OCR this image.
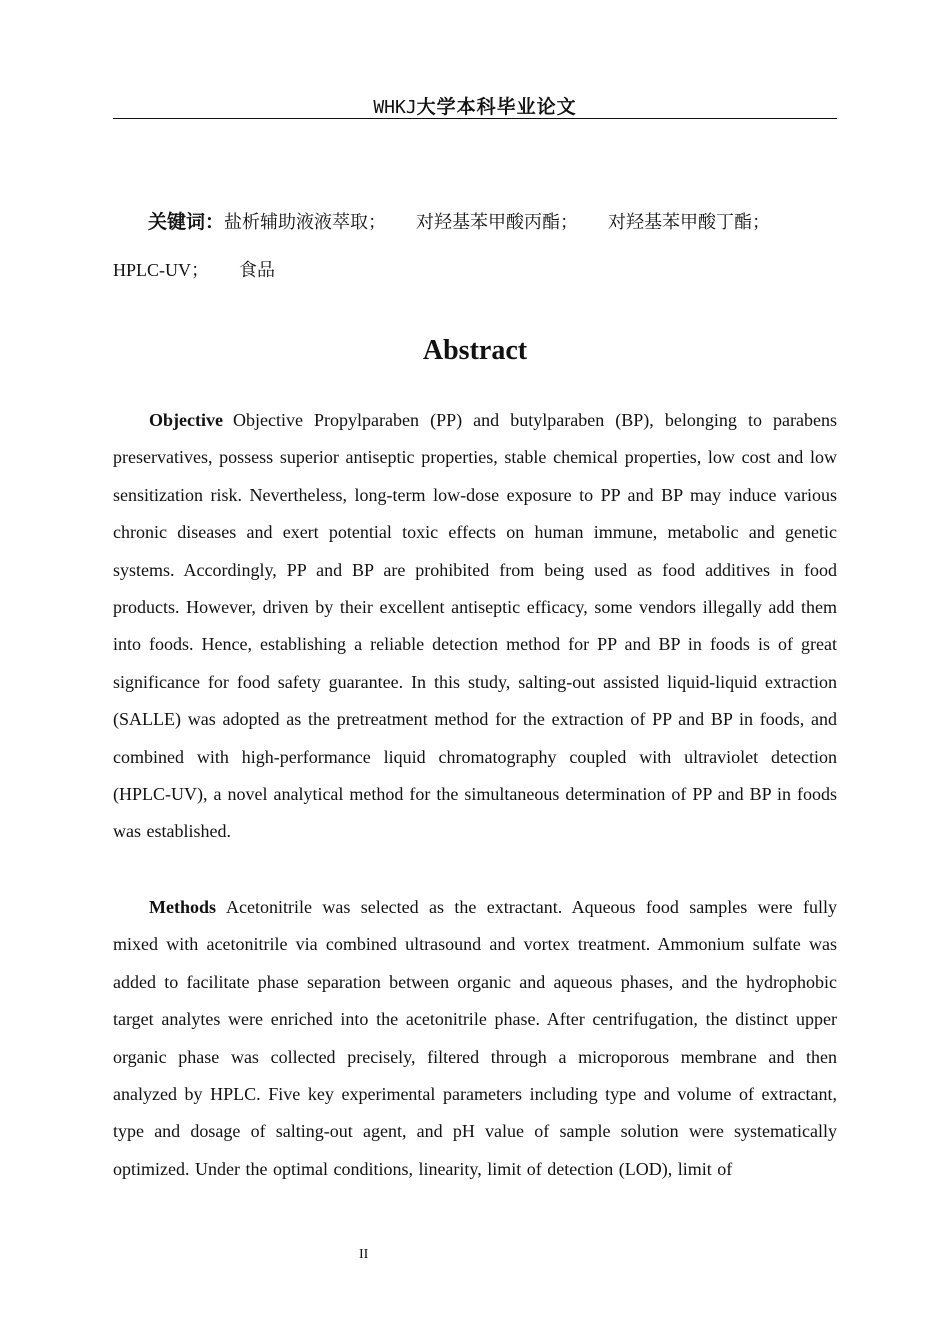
WHKJ大学本科毕业论文
关键词：盐析辅助液液萃取； 对羟基苯甲酸丙酯； 对羟基苯甲酸丁酯；
HPLC-UV； 食品
Abstract

Objective Objective Propylparaben (PP) and butylparaben (BP), belonging to parabens preservatives, possess superior antiseptic properties, stable chemical properties, low cost and low sensitization risk. Nevertheless, long-term low-dose exposure to PP and BP may induce various chronic diseases and exert potential toxic effects on human immune, metabolic and genetic systems. Accordingly, PP and BP are prohibited from being used as food additives in food products. However, driven by their excellent antiseptic efficacy, some vendors illegally add them into foods. Hence, establishing a reliable detection method for PP and BP in foods is of great significance for food safety guarantee. In this study, salting-out assisted liquid-liquid extraction (SALLE) was adopted as the pretreatment method for the extraction of PP and BP in foods, and combined with high-performance liquid chromatography coupled with ultraviolet detection (HPLC-UV), a novel analytical method for the simultaneous determination of PP and BP in foods was established.

Methods Acetonitrile was selected as the extractant. Aqueous food samples were fully mixed with acetonitrile via combined ultrasound and vortex treatment. Ammonium sulfate was added to facilitate phase separation between organic and aqueous phases, and the hydrophobic target analytes were enriched into the acetonitrile phase. After centrifugation, the distinct upper organic phase was collected precisely, filtered through a microporous membrane and then analyzed by HPLC. Five key experimental parameters including type and volume of extractant, type and dosage of salting-out agent, and pH value of sample solution were systematically optimized. Under the optimal conditions, linearity, limit of detection (LOD), limit of

II
